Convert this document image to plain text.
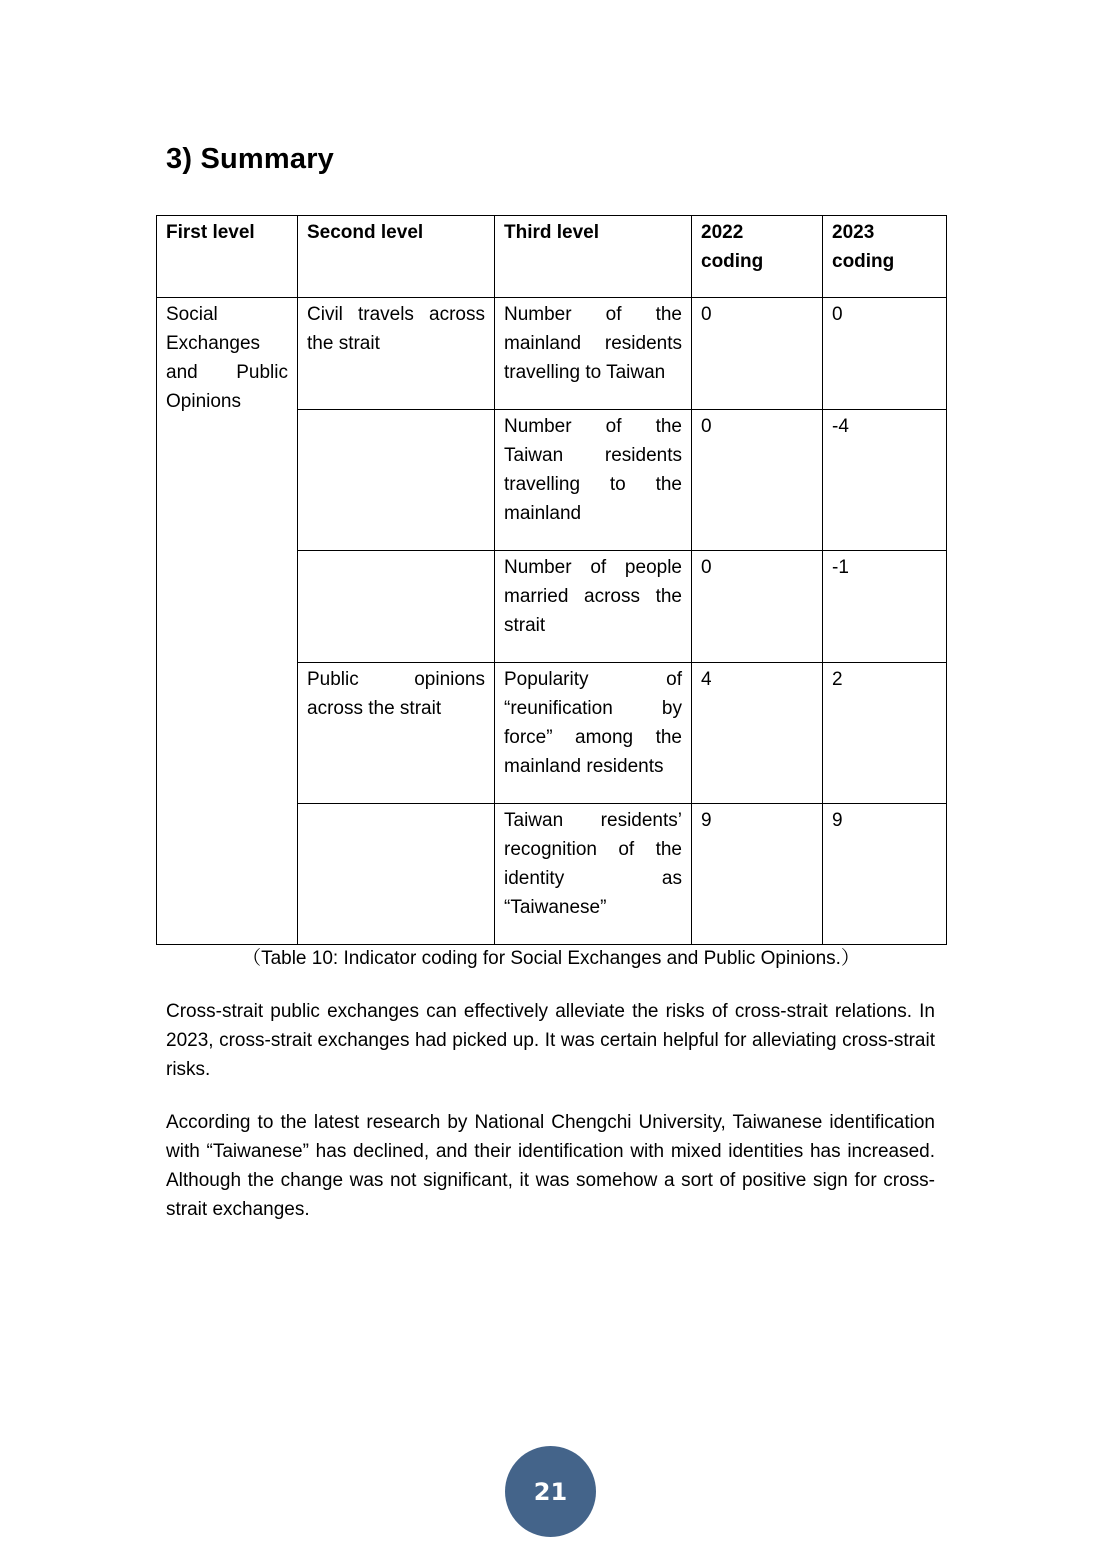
3) Summary
First level	Second level	Third level	2022 coding	2023 coding
Social Exchanges and Public Opinions	Civil travels across the strait	Number of the mainland residents travelling to Taiwan	0	0
		Number of the Taiwan residents travelling to the mainland	0	-4
		Number of people married across the strait	0	-1
	Public opinions across the strait	Popularity of “reunification by force” among the mainland residents	4	2
		Taiwan residents’ recognition of the identity as “Taiwanese”	9	9
（Table 10: Indicator coding for Social Exchanges and Public Opinions.）

Cross-strait public exchanges can effectively alleviate the risks of cross-strait relations. In 2023, cross-strait exchanges had picked up. It was certain helpful for alleviating cross-strait risks.

According to the latest research by National Chengchi University, Taiwanese identification with “Taiwanese” has declined, and their identification with mixed identities has increased. Although the change was not significant, it was somehow a sort of positive sign for cross-strait exchanges.

21
